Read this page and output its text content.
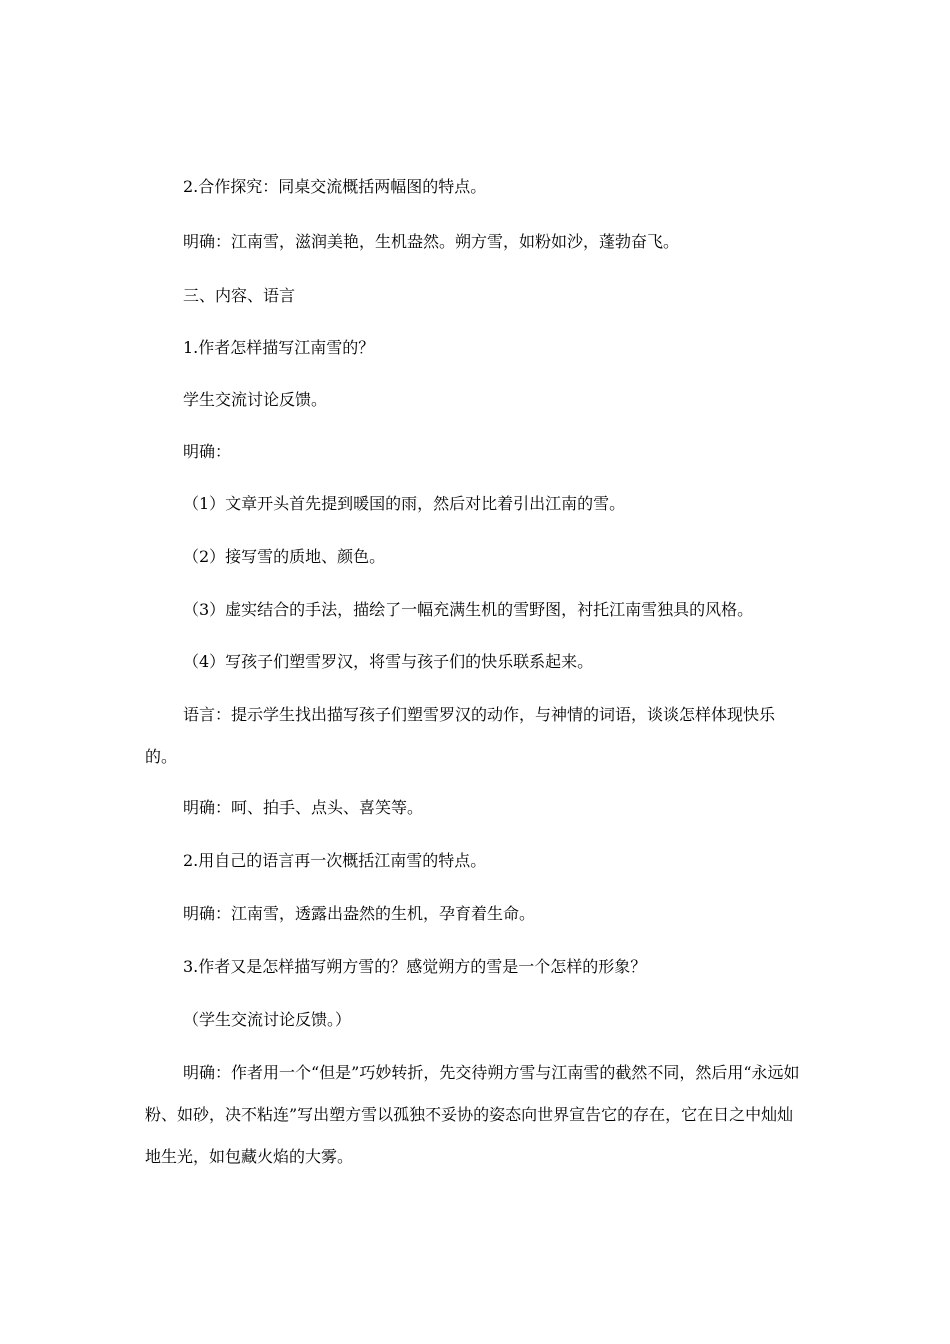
2.合作探究：同桌交流概括两幅图的特点。

明确：江南雪，滋润美艳，生机盎然。朔方雪，如粉如沙，蓬勃奋飞。

三、内容、语言

1.作者怎样描写江南雪的？

学生交流讨论反馈。

明确：

（1）文章开头首先提到暖国的雨，然后对比着引出江南的雪。

（2）接写雪的质地、颜色。

（3）虚实结合的手法，描绘了一幅充满生机的雪野图，衬托江南雪独具的风格。

（4）写孩子们塑雪罗汉，将雪与孩子们的快乐联系起来。

语言：提示学生找出描写孩子们塑雪罗汉的动作，与神情的词语，谈谈怎样体现快乐的。

明确：呵、拍手、点头、喜笑等。

2.用自己的语言再一次概括江南雪的特点。

明确：江南雪，透露出盎然的生机，孕育着生命。

3.作者又是怎样描写朔方雪的？感觉朔方的雪是一个怎样的形象？

（学生交流讨论反馈。）

明确：作者用一个“但是”巧妙转折，先交待朔方雪与江南雪的截然不同，然后用“永远如粉、如砂，决不粘连”写出塑方雪以孤独不妥协的姿态向世界宣告它的存在，它在日之中灿灿地生光，如包藏火焰的大雾。
